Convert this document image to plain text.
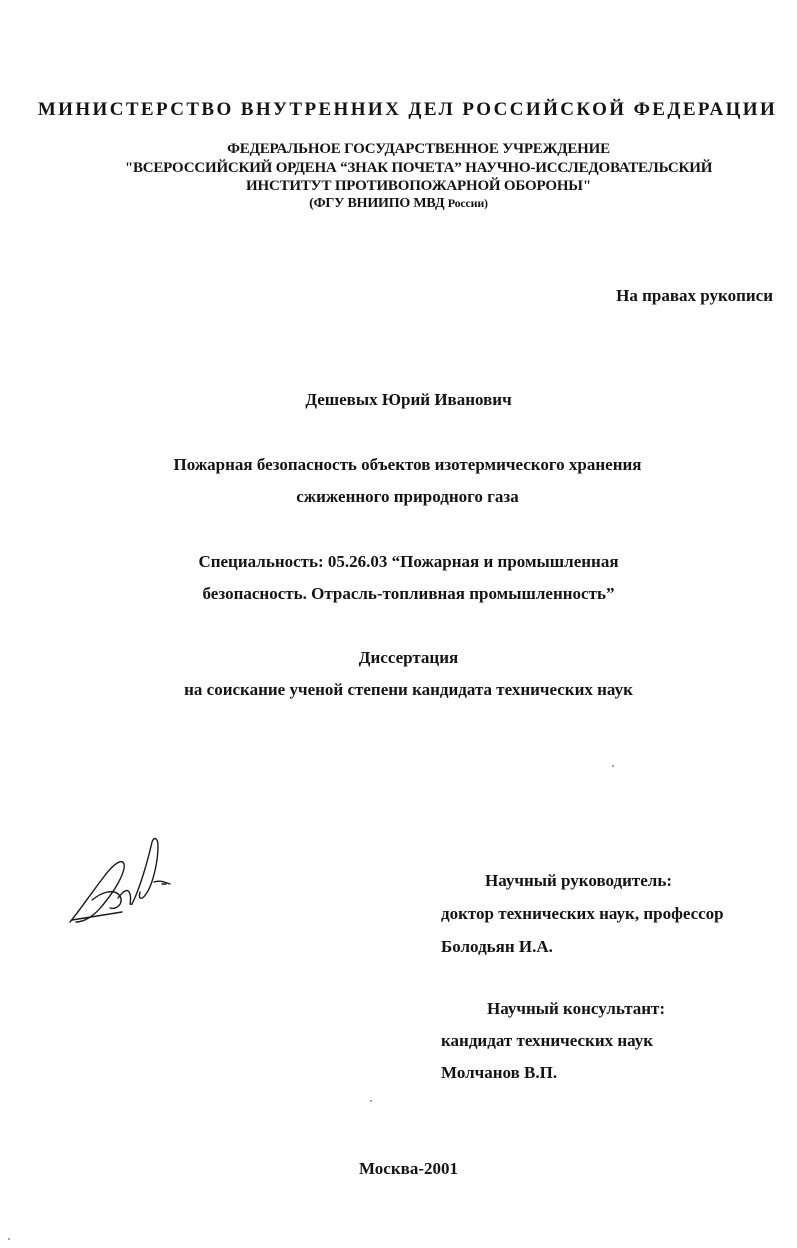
МИНИСТЕРСТВО ВНУТРЕННИХ ДЕЛ РОССИЙСКОЙ ФЕДЕРАЦИИ
ФЕДЕРАЛЬНОЕ ГОСУДАРСТВЕННОЕ УЧРЕЖДЕНИЕ
"ВСЕРОССИЙСКИЙ ОРДЕНА “ЗНАК ПОЧЕТА” НАУЧНО-ИССЛЕДОВАТЕЛЬСКИЙ
ИНСТИТУТ ПРОТИВОПОЖАРНОЙ ОБОРОНЫ"
(ФГУ ВНИИПО МВД России)
На правах рукописи
Дешевых Юрий Иванович
Пожарная безопасность объектов изотермического хранения
сжиженного природного газа
Специальность: 05.26.03 “Пожарная и промышленная
безопасность. Отрасль-топливная промышленность”
Диссертация
на соискание ученой степени кандидата технических наук
Научный руководитель:
доктор технических наук, профессор
Болодьян И.А.
Научный консультант:
кандидат технических наук
Молчанов В.П.
Москва-2001
